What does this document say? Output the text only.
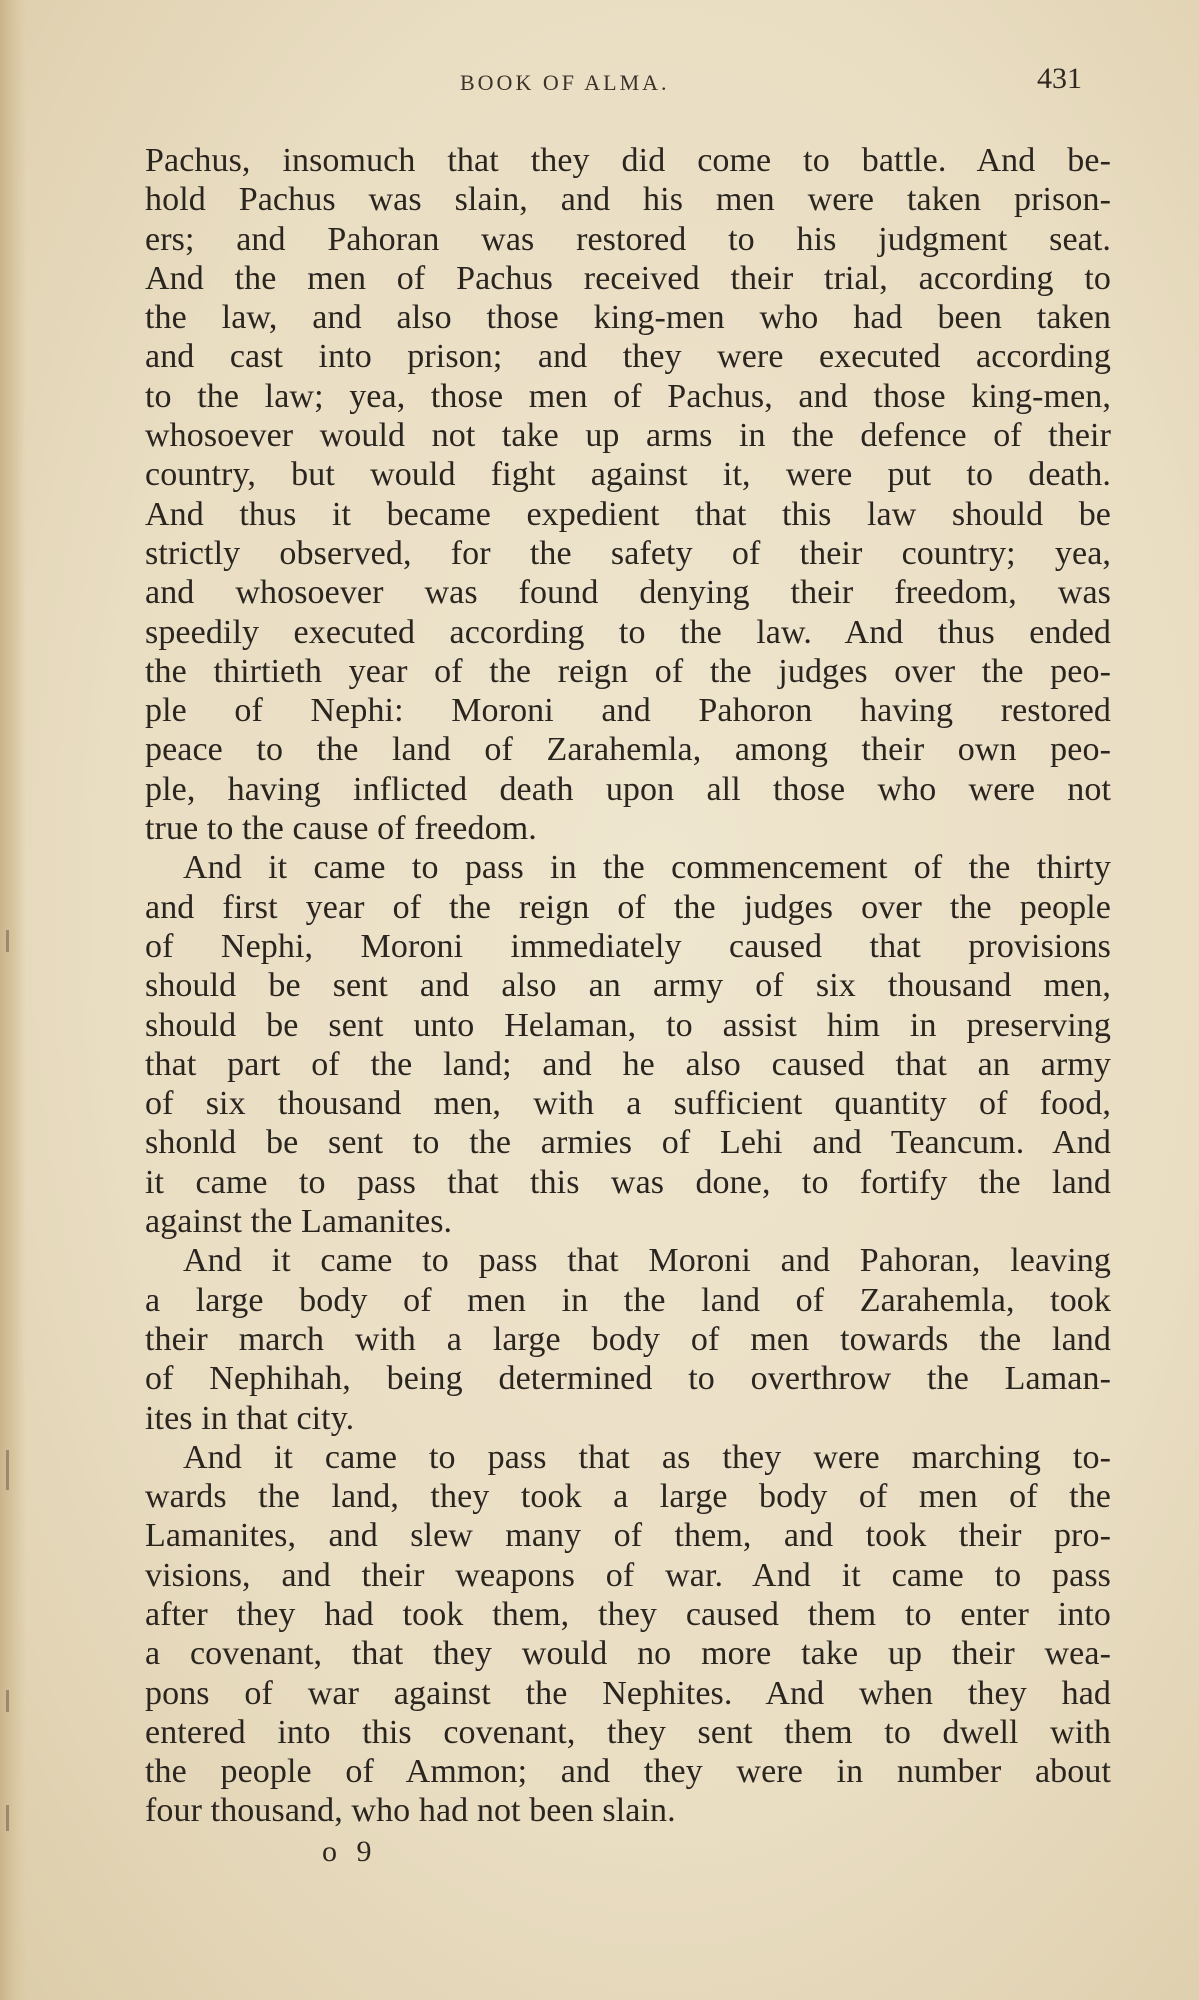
BOOK OF ALMA.	431
Pachus, insomuch that they did come to battle. And be-
hold Pachus was slain, and his men were taken prison-
ers; and Pahoran was restored to his judgment seat.
And the men of Pachus received their trial, according to
the law, and also those king-men who had been taken
and cast into prison; and they were executed according
to the law; yea, those men of Pachus, and those king-men,
whosoever would not take up arms in the defence of their
country, but would fight against it, were put to death.
And thus it became expedient that this law should be
strictly observed, for the safety of their country; yea,
and whosoever was found denying their freedom, was
speedily executed according to the law. And thus ended
the thirtieth year of the reign of the judges over the peo-
ple of Nephi: Moroni and Pahoron having restored
peace to the land of Zarahemla, among their own peo-
ple, having inflicted death upon all those who were not
true to the cause of freedom.
And it came to pass in the commencement of the thirty
and first year of the reign of the judges over the people
of Nephi, Moroni immediately caused that provisions
should be sent and also an army of six thousand men,
should be sent unto Helaman, to assist him in preserving
that part of the land; and he also caused that an army
of six thousand men, with a sufficient quantity of food,
shonld be sent to the armies of Lehi and Teancum. And
it came to pass that this was done, to fortify the land
against the Lamanites.
And it came to pass that Moroni and Pahoran, leaving
a large body of men in the land of Zarahemla, took
their march with a large body of men towards the land
of Nephihah, being determined to overthrow the Laman-
ites in that city.
And it came to pass that as they were marching to-
wards the land, they took a large body of men of the
Lamanites, and slew many of them, and took their pro-
visions, and their weapons of war. And it came to pass
after they had took them, they caused them to enter into
a covenant, that they would no more take up their wea-
pons of war against the Nephites. And when they had
entered into this covenant, they sent them to dwell with
the people of Ammon; and they were in number about
four thousand, who had not been slain.
o 9
